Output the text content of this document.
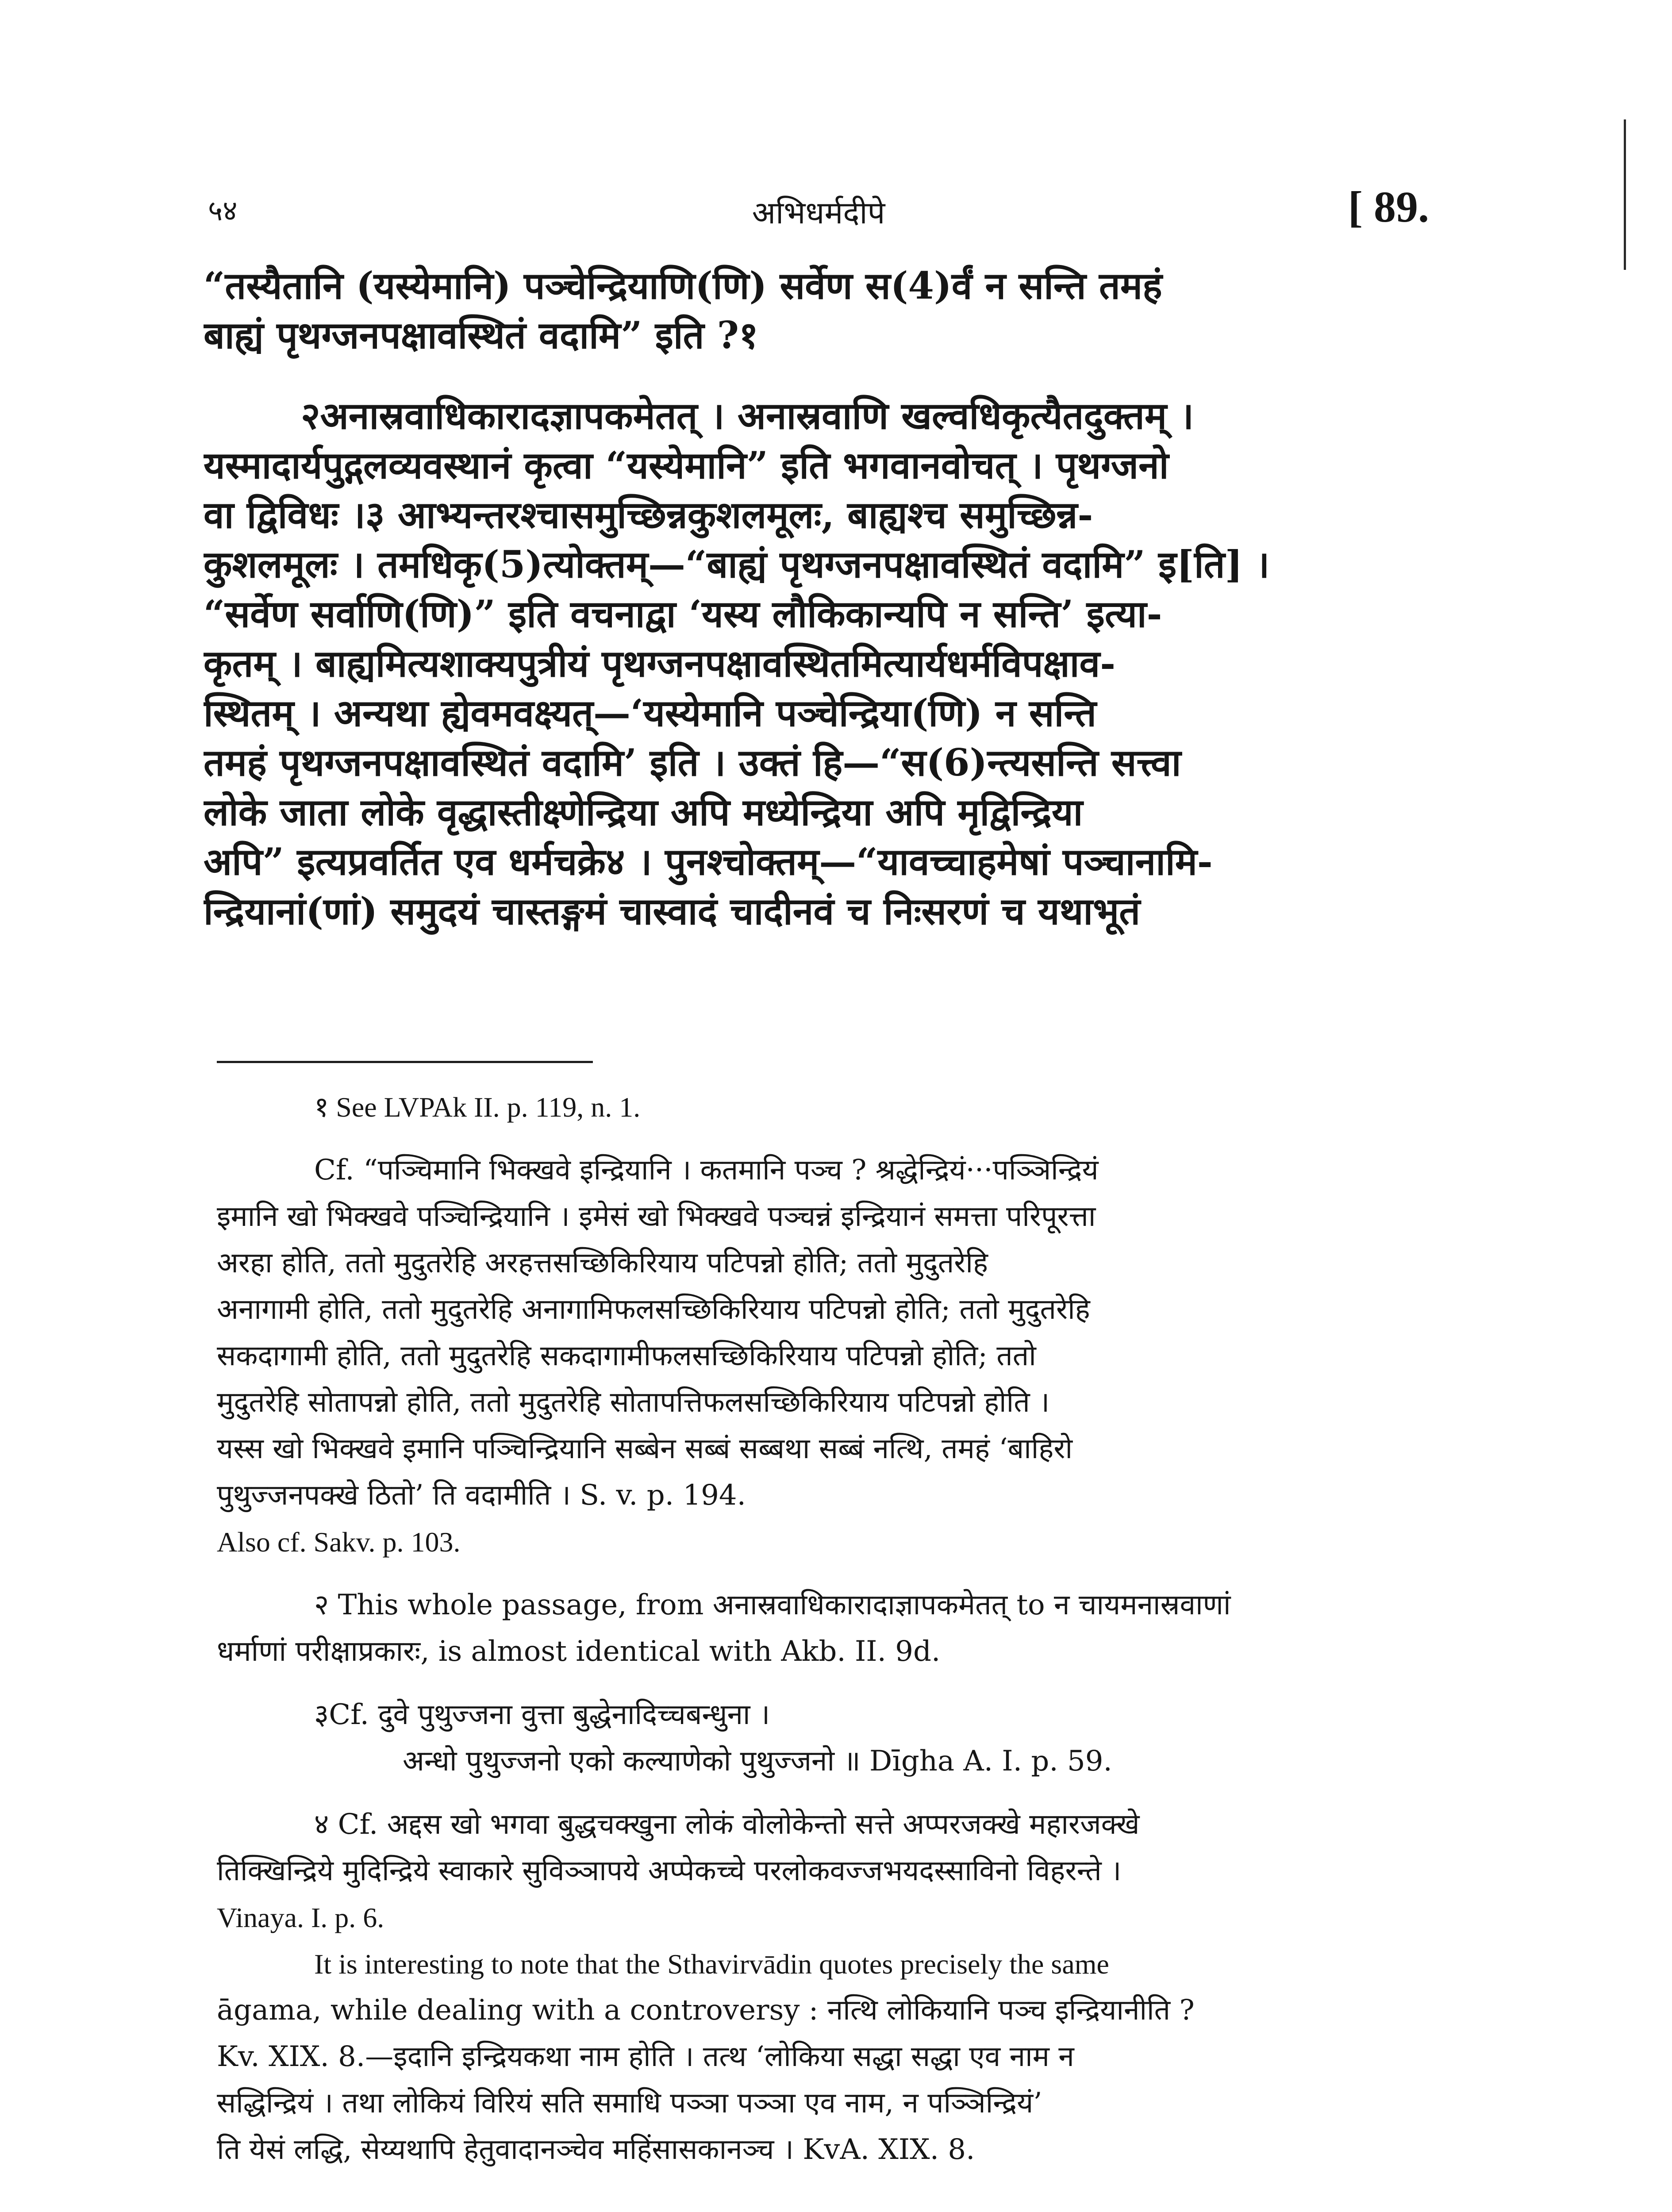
५४	अभिधर्मदीपे	[ 89.
“तस्यैतानि (यस्येमानि) पञ्चेन्द्रियाणि(णि) सर्वेण स(4)र्वं न सन्ति तमहं
बाह्यं पृथग्जनपक्षावस्थितं वदामि” इति ?१
२अनास्रवाधिकारादज्ञापकमेतत् । अनास्रवाणि खल्वधिकृत्यैतदुक्तम् ।
यस्मादार्यपुद्गलव्यवस्थानं कृत्वा “यस्येमानि” इति भगवानवोचत् । पृथग्जनो
वा द्विविधः ।३ आभ्यन्तरश्चासमुच्छिन्नकुशलमूलः, बाह्यश्च समुच्छिन्न-
कुशलमूलः । तमधिकृ(5)त्योक्तम्—“बाह्यं पृथग्जनपक्षावस्थितं वदामि” इ[ति] ।
“सर्वेण सर्वाणि(णि)” इति वचनाद्वा ‘यस्य लौकिकान्यपि न सन्ति’ इत्या-
कृतम् । बाह्यमित्यशाक्यपुत्रीयं पृथग्जनपक्षावस्थितमित्यार्यधर्मविपक्षाव-
स्थितम् । अन्यथा ह्येवमवक्ष्यत्—‘यस्येमानि पञ्चेन्द्रिया(णि) न सन्ति
तमहं पृथग्जनपक्षावस्थितं वदामि’ इति । उक्तं हि—“स(6)न्त्यसन्ति सत्त्वा
लोके जाता लोके वृद्धास्तीक्ष्णेन्द्रिया अपि मध्येन्द्रिया अपि मृद्विन्द्रिया
अपि” इत्यप्रवर्तित एव धर्मचक्रे४ । पुनश्चोक्तम्—“यावच्चाहमेषां पञ्चानामि-
न्द्रियानां(णां) समुदयं चास्तङ्गमं चास्वादं चादीनवं च निःसरणं च यथाभूतं
१ See LVPAk II. p. 119, n. 1.
Cf. “पञ्चिमानि भिक्खवे इन्द्रियानि । कतमानि पञ्च ? श्रद्धेन्द्रियं···पञ्ञिन्द्रियं
इमानि खो भिक्खवे पञ्चिन्द्रियानि । इमेसं खो भिक्खवे पञ्चन्नं इन्द्रियानं समत्ता परिपूरत्ता
अरहा होति, ततो मुदुतरेहि अरहत्तसच्छिकिरियाय पटिपन्नो होति; ततो मुदुतरेहि
अनागामी होति, ततो मुदुतरेहि अनागामिफलसच्छिकिरियाय पटिपन्नो होति; ततो मुदुतरेहि
सकदागामी होति, ततो मुदुतरेहि सकदागामीफलसच्छिकिरियाय पटिपन्नो होति; ततो
मुदुतरेहि सोतापन्नो होति, ततो मुदुतरेहि सोतापत्तिफलसच्छिकिरियाय पटिपन्नो होति ।
यस्स खो भिक्खवे इमानि पञ्चिन्द्रियानि सब्बेन सब्बं सब्बथा सब्बं नत्थि, तमहं ‘बाहिरो
पुथुज्जनपक्खे ठितो’ ति वदामीति । S. v. p. 194.
Also cf. Sakv. p. 103.
२ This whole passage, from अनास्रवाधिकारादाज्ञापकमेतत् to न चायमनास्रवाणां
धर्माणां परीक्षाप्रकारः, is almost identical with Akb. II. 9d.
३Cf. दुवे पुथुज्जना वुत्ता बुद्धेनादिच्चबन्धुना ।
अन्धो पुथुज्जनो एको कल्याणेको पुथुज्जनो ॥ Dīgha A. I. p. 59.
४ Cf. अद्दस खो भगवा बुद्धचक्खुना लोकं वोलोकेन्तो सत्ते अप्परजक्खे महारजक्खे
तिक्खिन्द्रिये मुदिन्द्रिये स्वाकारे सुविञ्ञापये अप्पेकच्चे परलोकवज्जभयदस्साविनो विहरन्ते ।
Vinaya. I. p. 6.
It is interesting to note that the Sthavirvādin quotes precisely the same
āgama, while dealing with a controversy : नत्थि लोकियानि पञ्च इन्द्रियानीति ?
Kv. XIX. 8.—इदानि इन्द्रियकथा नाम होति । तत्थ ‘लोकिया सद्धा सद्धा एव नाम न
सद्धिन्द्रियं । तथा लोकियं विरियं सति समाधि पञ्ञा पञ्ञा एव नाम, न पञ्ञिन्द्रियं’
ति येसं लद्धि, सेय्यथापि हेतुवादानञ्चेव महिंसासकानञ्च । KvA. XIX. 8.
